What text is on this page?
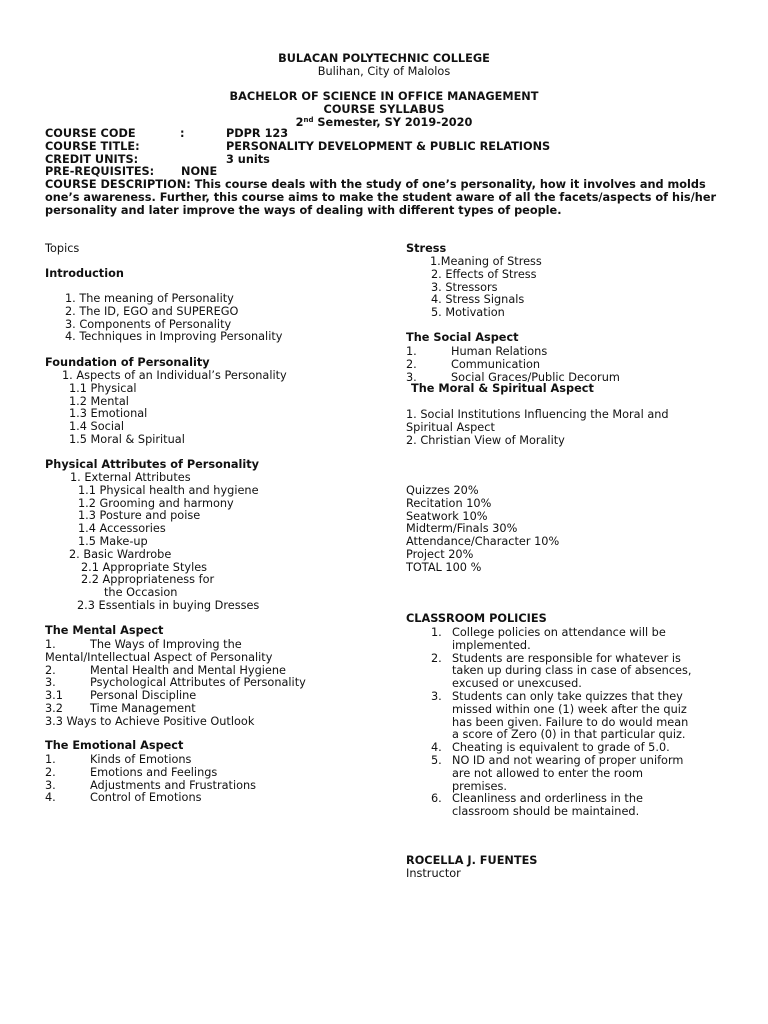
BULACAN POLYTECHNIC COLLEGE
Bulihan, City of Malolos
BACHELOR OF SCIENCE IN OFFICE MANAGEMENT
COURSE SYLLABUS
2nd Semester, SY 2019-2020
COURSE CODE	:	PDPR 123
COURSE TITLE:	PERSONALITY DEVELOPMENT & PUBLIC RELATIONS
CREDIT UNITS:	3 units
PRE-REQUISITES: NONE
COURSE DESCRIPTION: This course deals with the study of one’s personality, how it involves and molds one’s awareness. Further, this course aims to make the student aware of all the facets/aspects of his/her personality and later improve the ways of dealing with different types of people.
Topics
Introduction
1. The meaning of Personality
2. The ID, EGO and SUPEREGO
3. Components of Personality
4. Techniques in Improving Personality
Foundation of Personality
1. Aspects of an Individual’s Personality
1.1 Physical
1.2 Mental
1.3 Emotional
1.4 Social
1.5 Moral & Spiritual
Physical Attributes of Personality
1. External Attributes
1.1 Physical health and hygiene
1.2 Grooming and harmony
1.3 Posture and poise
1.4 Accessories
1.5 Make-up
2. Basic Wardrobe
2.1 Appropriate Styles
2.2 Appropriateness for
the Occasion
2.3 Essentials in buying Dresses
The Mental Aspect
1.	The Ways of Improving the
Mental/Intellectual Aspect of Personality
2.	Mental Health and Mental Hygiene
3.	Psychological Attributes of Personality
3.1 Personal Discipline
3.2 Time Management
3.3 Ways to Achieve Positive Outlook
The Emotional Aspect
1.	Kinds of Emotions
2.	Emotions and Feelings
3.	Adjustments and Frustrations
4.	Control of Emotions
Stress
1.Meaning of Stress
2. Effects of Stress
3. Stressors
4. Stress Signals
5. Motivation
The Social Aspect
1.	Human Relations
2.	Communication
3.	Social Graces/Public Decorum
The Moral & Spiritual Aspect
1. Social Institutions Influencing the Moral and
Spiritual Aspect
2. Christian View of Morality
Quizzes 20%
Recitation 10%
Seatwork 10%
Midterm/Finals 30%
Attendance/Character 10%
Project 20%
TOTAL 100 %
CLASSROOM POLICIES
1. College policies on attendance will be
implemented.
2. Students are responsible for whatever is
taken up during class in case of absences,
excused or unexcused.
3. Students can only take quizzes that they
missed within one (1) week after the quiz
has been given. Failure to do would mean
a score of Zero (0) in that particular quiz.
4. Cheating is equivalent to grade of 5.0.
5. NO ID and not wearing of proper uniform
are not allowed to enter the room
premises.
6. Cleanliness and orderliness in the
classroom should be maintained.
ROCELLA J. FUENTES
Instructor
